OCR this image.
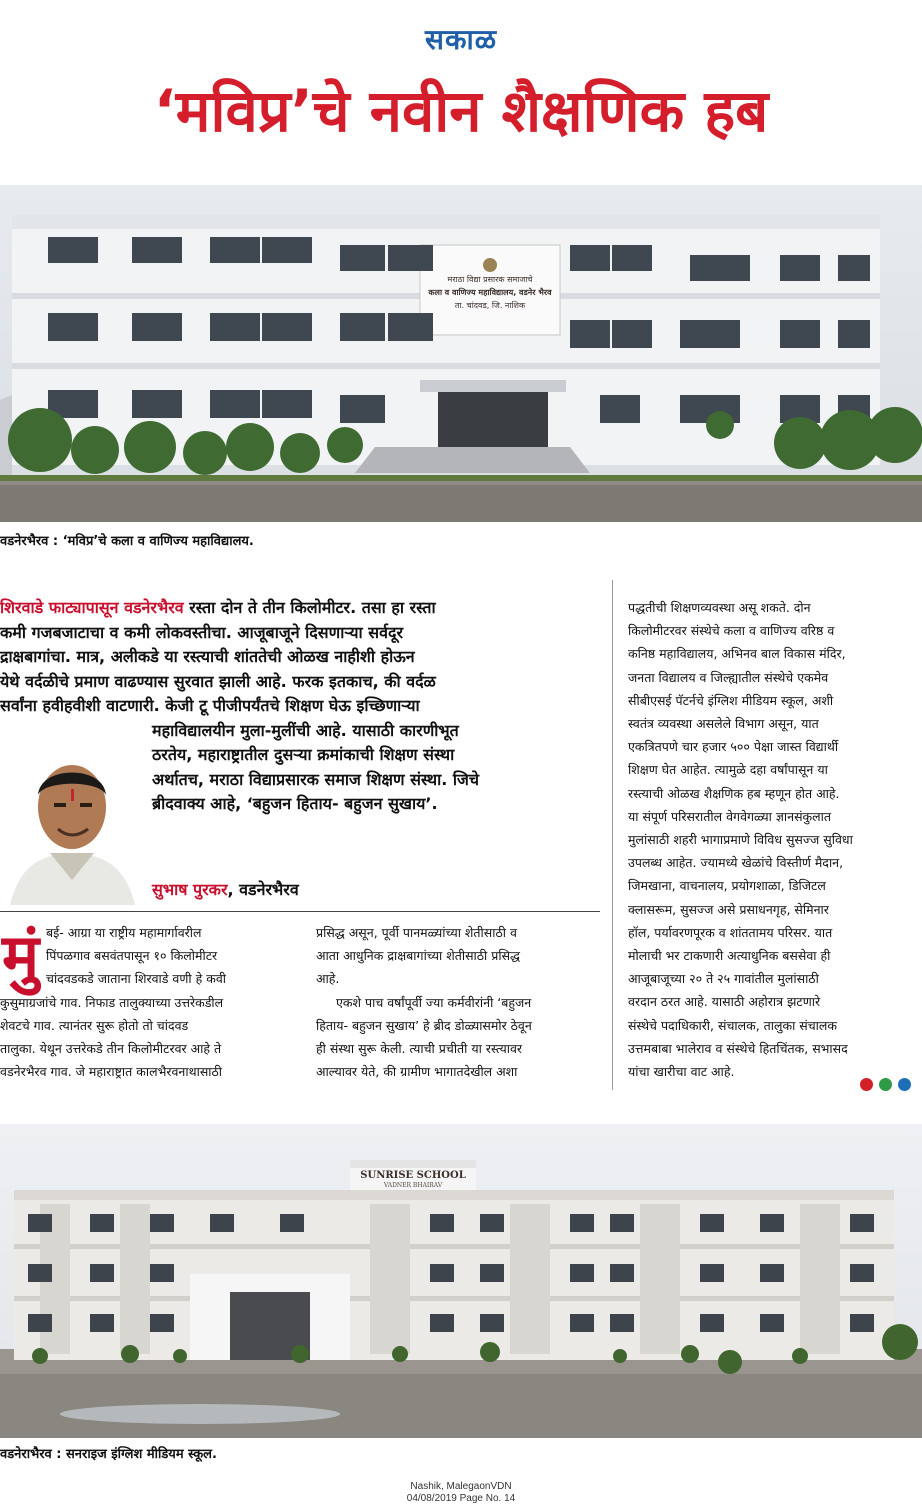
सकाळ
‘मविप्र’चे नवीन शैक्षणिक हब
मराठा विद्या प्रसारक समाजाचे
कला व वाणिज्य महाविद्यालय, वडनेर भैरव
ता. चांदवड, जि. नाशिक
वडनेरभैरव : ‘मविप्र’चे कला व वाणिज्य महाविद्यालय.
शिरवाडे फाट्यापासून वडनेरभैरव रस्ता दोन ते तीन किलोमीटर. तसा हा रस्ता
कमी गजबजाटाचा व कमी लोकवस्तीचा. आजूबाजूने दिसणाऱ्या सर्वदूर
द्राक्षबागांचा. मात्र, अलीकडे या रस्त्याची शांततेची ओळख नाहीशी होऊन
येथे वर्दळीचे प्रमाण वाढण्यास सुरवात झाली आहे. फरक इतकाच, की वर्दळ
सर्वांना हवीहवीशी वाटणारी. केजी टू पीजीपर्यंतचे शिक्षण घेऊ इच्छिणाऱ्या
महाविद्यालयीन मुला-मुलींची आहे. यासाठी कारणीभूत
ठरतेय, महाराष्ट्रातील दुसऱ्या क्रमांकाची शिक्षण संस्था
अर्थातच, मराठा विद्याप्रसारक समाज शिक्षण संस्था. जिचे
ब्रीदवाक्य आहे, ‘बहुजन हिताय- बहुजन सुखाय’.
सुभाष पुरकर, वडनेरभैरव
मुं बई- आग्रा या राष्ट्रीय महामार्गावरील
पिंपळगाव बसवंतपासून १० किलोमीटर
चांदवडकडे जाताना शिरवाडे वणी हे कवी
कुसुमाग्रजांचे गाव. निफाड तालुक्याच्या उत्तरेकडील
शेवटचे गाव. त्यानंतर सुरू होतो तो चांदवड
तालुका. येथून उत्तरेकडे तीन किलोमीटरवर आहे ते
वडनेरभैरव गाव. जे महाराष्ट्रात कालभैरवनाथासाठी
प्रसिद्ध असून, पूर्वी पानमळ्यांच्या शेतीसाठी व
आता आधुनिक द्राक्षबागांच्या शेतीसाठी प्रसिद्ध
आहे.
एकशे पाच वर्षांपूर्वी ज्या कर्मवीरांनी ‘बहुजन
हिताय- बहुजन सुखाय’ हे ब्रीद डोळ्यासमोर ठेवून
ही संस्था सुरू केली. त्याची प्रचीती या रस्त्यावर
आल्यावर येते, की ग्रामीण भागातदेखील अशा
पद्धतीची शिक्षणव्यवस्था असू शकते. दोन
किलोमीटरवर संस्थेचे कला व वाणिज्य वरिष्ठ व
कनिष्ठ महाविद्यालय, अभिनव बाल विकास मंदिर,
जनता विद्यालय व जिल्ह्यातील संस्थेचे एकमेव
सीबीएसई पॅटर्नचे इंग्लिश मीडियम स्कूल, अशी
स्वतंत्र व्यवस्था असलेले विभाग असून, यात
एकत्रितपणे चार हजार ५०० पेक्षा जास्त विद्यार्थी
शिक्षण घेत आहेत. त्यामुळे दहा वर्षांपासून या
रस्त्याची ओळख शैक्षणिक हब म्हणून होत आहे.
या संपूर्ण परिसरातील वेगवेगळ्या ज्ञानसंकुलात
मुलांसाठी शहरी भागाप्रमाणे विविध सुसज्ज सुविधा
उपलब्ध आहेत. ज्यामध्ये खेळांचे विस्तीर्ण मैदान,
जिमखाना, वाचनालय, प्रयोगशाळा, डिजिटल
क्लासरूम, सुसज्ज असे प्रसाधनगृह, सेमिनार
हॉल, पर्यावरणपूरक व शांततामय परिसर. यात
मोलाची भर टाकणारी अत्याधुनिक बससेवा ही
आजूबाजूच्या २० ते २५ गावांतील मुलांसाठी
वरदान ठरत आहे. यासाठी अहोरात्र झटणारे
संस्थेचे पदाधिकारी, संचालक, तालुका संचालक
उत्तमबाबा भालेराव व संस्थेचे हितचिंतक, सभासद
यांचा खारीचा वाट आहे.
SUNRISE SCHOOL
VADNER BHAIRAV
वडनेराभैरव : सनराइज इंग्लिश मीडियम स्कूल.
Nashik, MalegaonVDN
04/08/2019 Page No. 14
